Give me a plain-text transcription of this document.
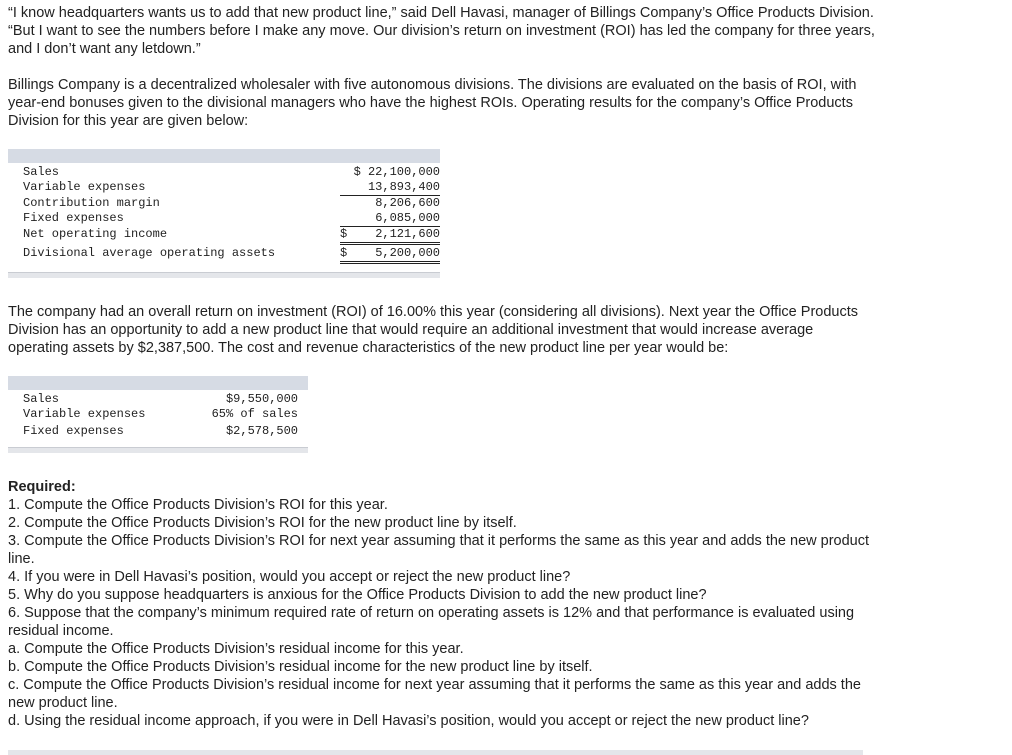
“I know headquarters wants us to add that new product line,” said Dell Havasi, manager of Billings Company’s Office Products Division.
“But I want to see the numbers before I make any move. Our division’s return on investment (ROI) has led the company for three years,
and I don’t want any letdown.”

Billings Company is a decentralized wholesaler with five autonomous divisions. The divisions are evaluated on the basis of ROI, with
year-end bonuses given to the divisional managers who have the highest ROIs. Operating results for the company’s Office Products
Division for this year are given below:

Sales	$ 22,100,000
Variable expenses	13,893,400
Contribution margin	8,206,600
Fixed expenses	6,085,000
Net operating income	$	2,121,600
Divisional average operating assets	$	5,200,000

The company had an overall return on investment (ROI) of 16.00% this year (considering all divisions). Next year the Office Products
Division has an opportunity to add a new product line that would require an additional investment that would increase average
operating assets by $2,387,500. The cost and revenue characteristics of the new product line per year would be:

Sales	$9,550,000
Variable expenses	65% of sales
Fixed expenses	$2,578,500
Required:
1. Compute the Office Products Division’s ROI for this year.
2. Compute the Office Products Division’s ROI for the new product line by itself.
3. Compute the Office Products Division’s ROI for next year assuming that it performs the same as this year and adds the new product
line.
4. If you were in Dell Havasi’s position, would you accept or reject the new product line?
5. Why do you suppose headquarters is anxious for the Office Products Division to add the new product line?
6. Suppose that the company’s minimum required rate of return on operating assets is 12% and that performance is evaluated using
residual income.
a. Compute the Office Products Division’s residual income for this year.
b. Compute the Office Products Division’s residual income for the new product line by itself.
c. Compute the Office Products Division’s residual income for next year assuming that it performs the same as this year and adds the
new product line.
d. Using the residual income approach, if you were in Dell Havasi’s position, would you accept or reject the new product line?
